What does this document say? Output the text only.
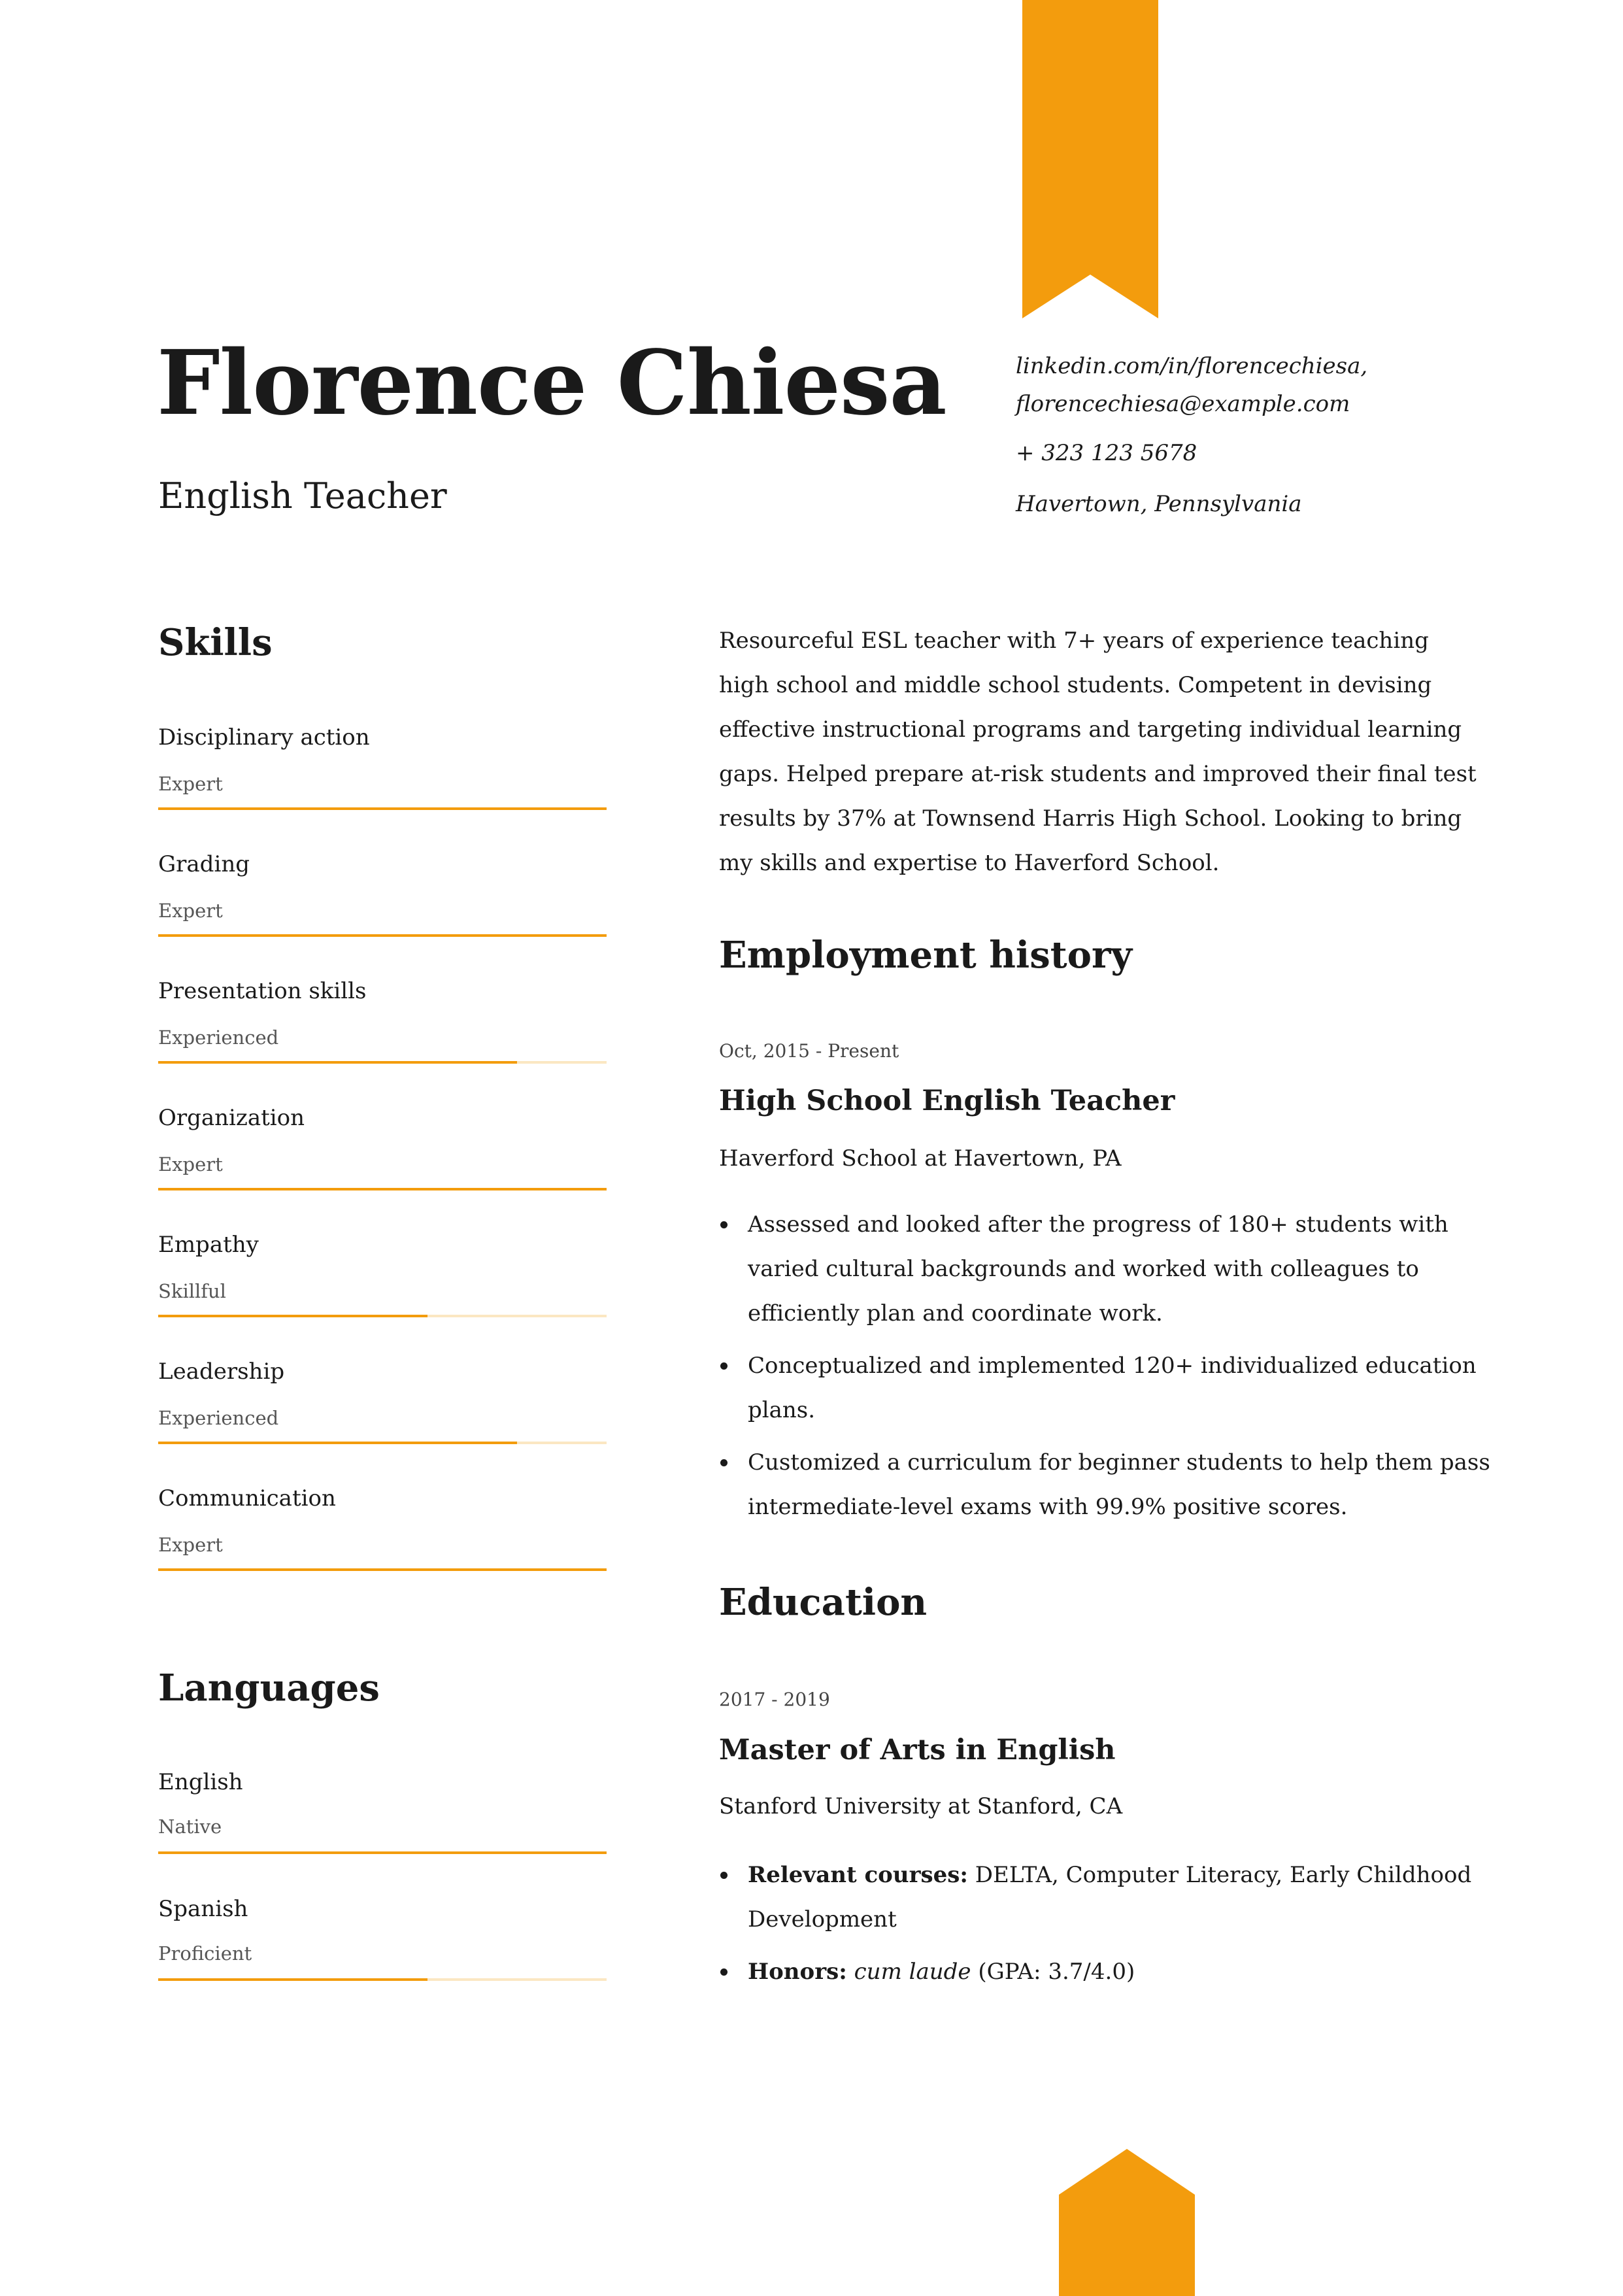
Florence Chiesa
English Teacher
linkedin.com/in/florencechiesa,
florencechiesa@example.com
+ 323 123 5678
Havertown, Pennsylvania
Skills
Disciplinary action
Expert
Grading
Expert
Presentation skills
Experienced
Organization
Expert
Empathy
Skillful
Leadership
Experienced
Communication
Expert
Languages
English
Native
Spanish
Proficient
Resourceful ESL teacher with 7+ years of experience teaching high school and middle school students. Competent in devising effective instructional programs and targeting individual learning gaps. Helped prepare at-risk students and improved their final test results by 37% at Townsend Harris High School. Looking to bring my skills and expertise to Haverford School.
Employment history
Oct, 2015 - Present
High School English Teacher
Haverford School at Havertown, PA
Assessed and looked after the progress of 180+ students with varied cultural backgrounds and worked with colleagues to efficiently plan and coordinate work.
Conceptualized and implemented 120+ individualized education plans.
Customized a curriculum for beginner students to help them pass intermediate-level exams with 99.9% positive scores.
Education
2017 - 2019
Master of Arts in English
Stanford University at Stanford, CA
Relevant courses: DELTA, Computer Literacy, Early Childhood Development
Honors: cum laude (GPA: 3.7/4.0)
